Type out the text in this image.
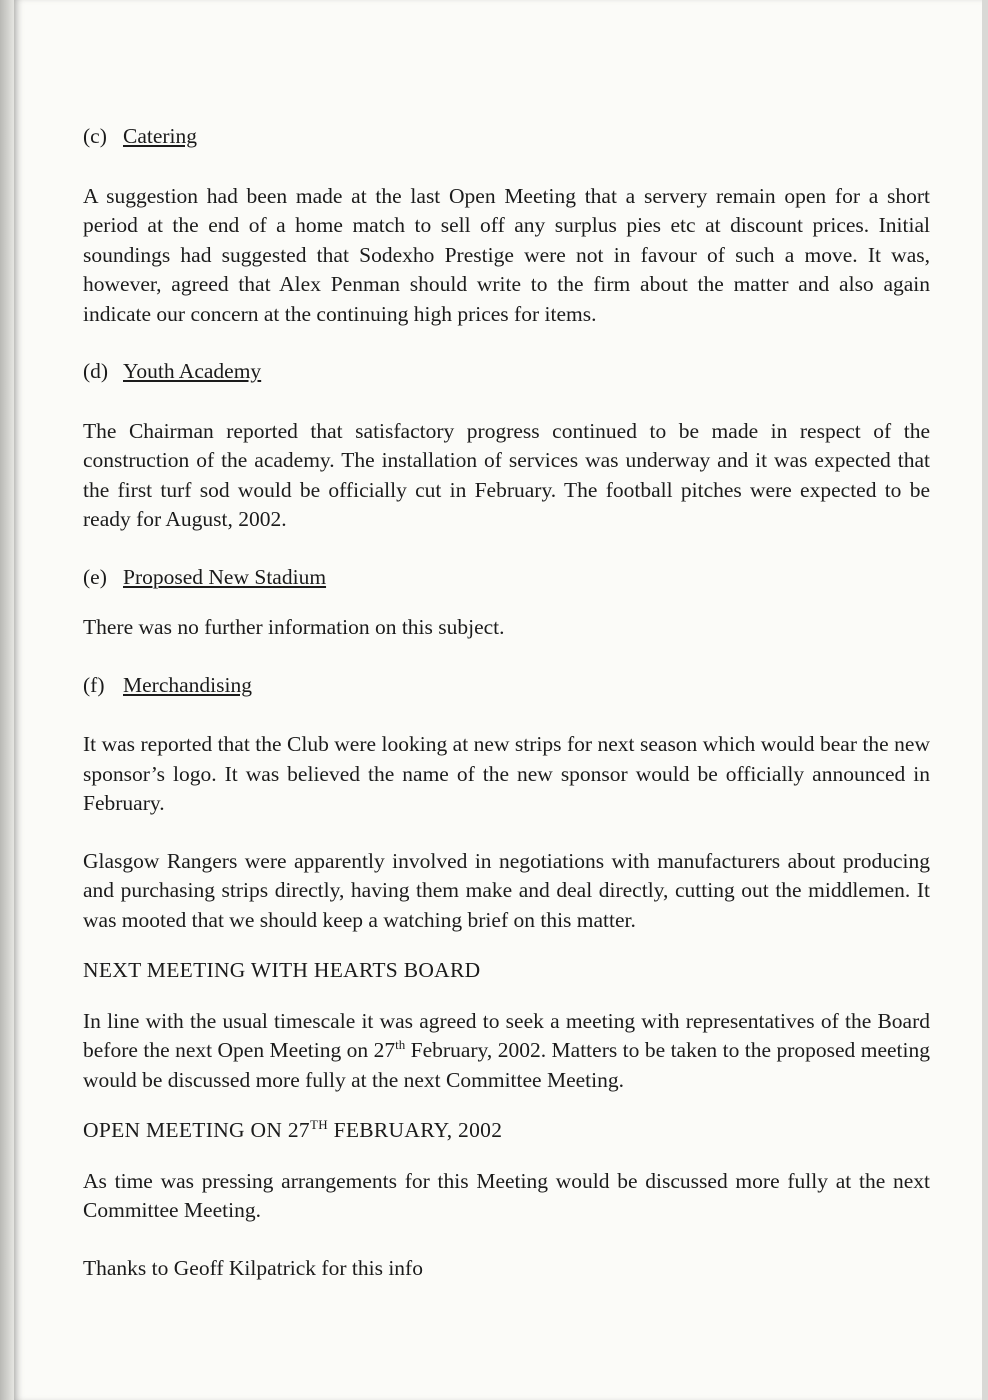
(c) Catering

A suggestion had been made at the last Open Meeting that a servery remain open for a short period at the end of a home match to sell off any surplus pies etc at discount prices. Initial soundings had suggested that Sodexho Prestige were not in favour of such a move. It was, however, agreed that Alex Penman should write to the firm about the matter and also again indicate our concern at the continuing high prices for items.

(d) Youth Academy

The Chairman reported that satisfactory progress continued to be made in respect of the construction of the academy. The installation of services was underway and it was expected that the first turf sod would be officially cut in February. The football pitches were expected to be ready for August, 2002.

(e) Proposed New Stadium

There was no further information on this subject.

(f) Merchandising

It was reported that the Club were looking at new strips for next season which would bear the new sponsor’s logo. It was believed the name of the new sponsor would be officially announced in February.

Glasgow Rangers were apparently involved in negotiations with manufacturers about producing and purchasing strips directly, having them make and deal directly, cutting out the middlemen. It was mooted that we should keep a watching brief on this matter.

NEXT MEETING WITH HEARTS BOARD

In line with the usual timescale it was agreed to seek a meeting with representatives of the Board before the next Open Meeting on 27th February, 2002. Matters to be taken to the proposed meeting would be discussed more fully at the next Committee Meeting.

OPEN MEETING ON 27TH FEBRUARY, 2002

As time was pressing arrangements for this Meeting would be discussed more fully at the next Committee Meeting.

Thanks to Geoff Kilpatrick for this info
